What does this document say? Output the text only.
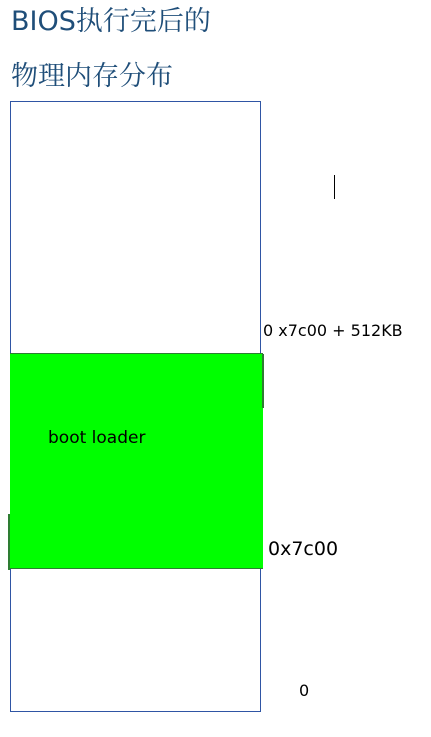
BIOS执行完后的
物理内存分布
boot loader
0 x7c00 + 512KB
0x7c00
0
